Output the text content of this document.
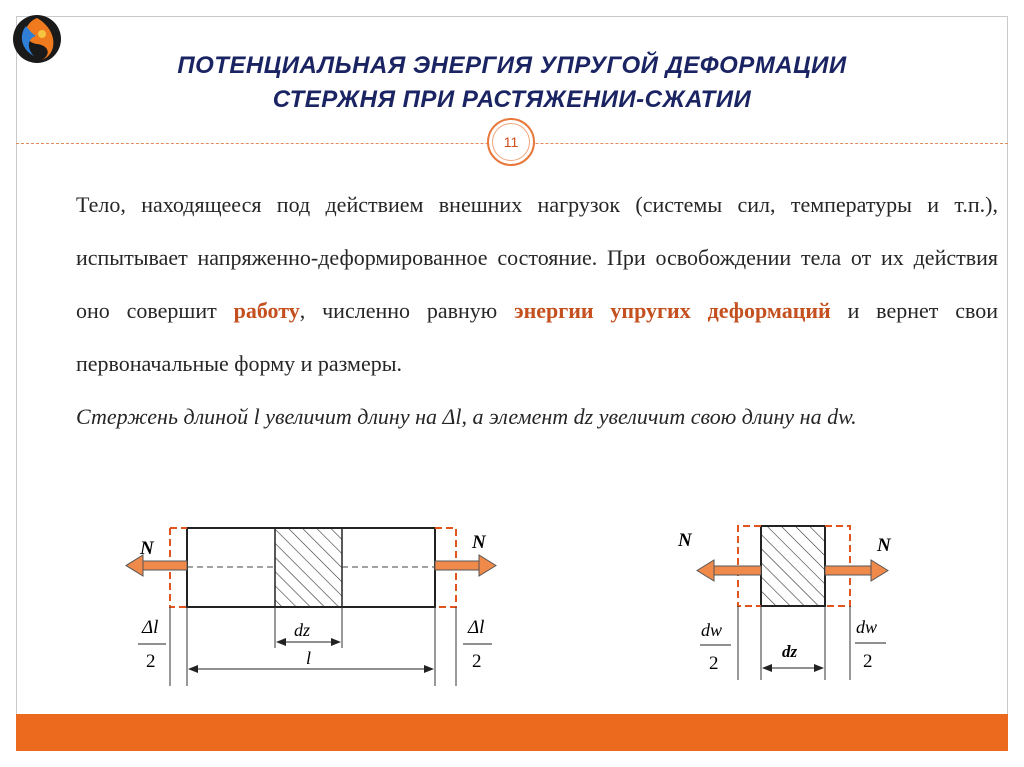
ПОТЕНЦИАЛЬНАЯ ЭНЕРГИЯ УПРУГОЙ ДЕФОРМАЦИИ
СТЕРЖНЯ ПРИ РАСТЯЖЕНИИ-СЖАТИИ
11

Тело, находящееся под действием внешних нагрузок (системы сил, температуры и т.п.), испытывает напряженно-деформированное состояние. При освобождении тела от их действия оно совершит работу, численно равную энергии упругих деформаций и вернет свои первоначальные форму и размеры.

Стержень длиной l увеличит длину на Δl, а элемент dz увеличит свою длину на dw.

N	N
dz
l
Δl
2
Δl
2
N	N
dz
dw
2
dw
2
